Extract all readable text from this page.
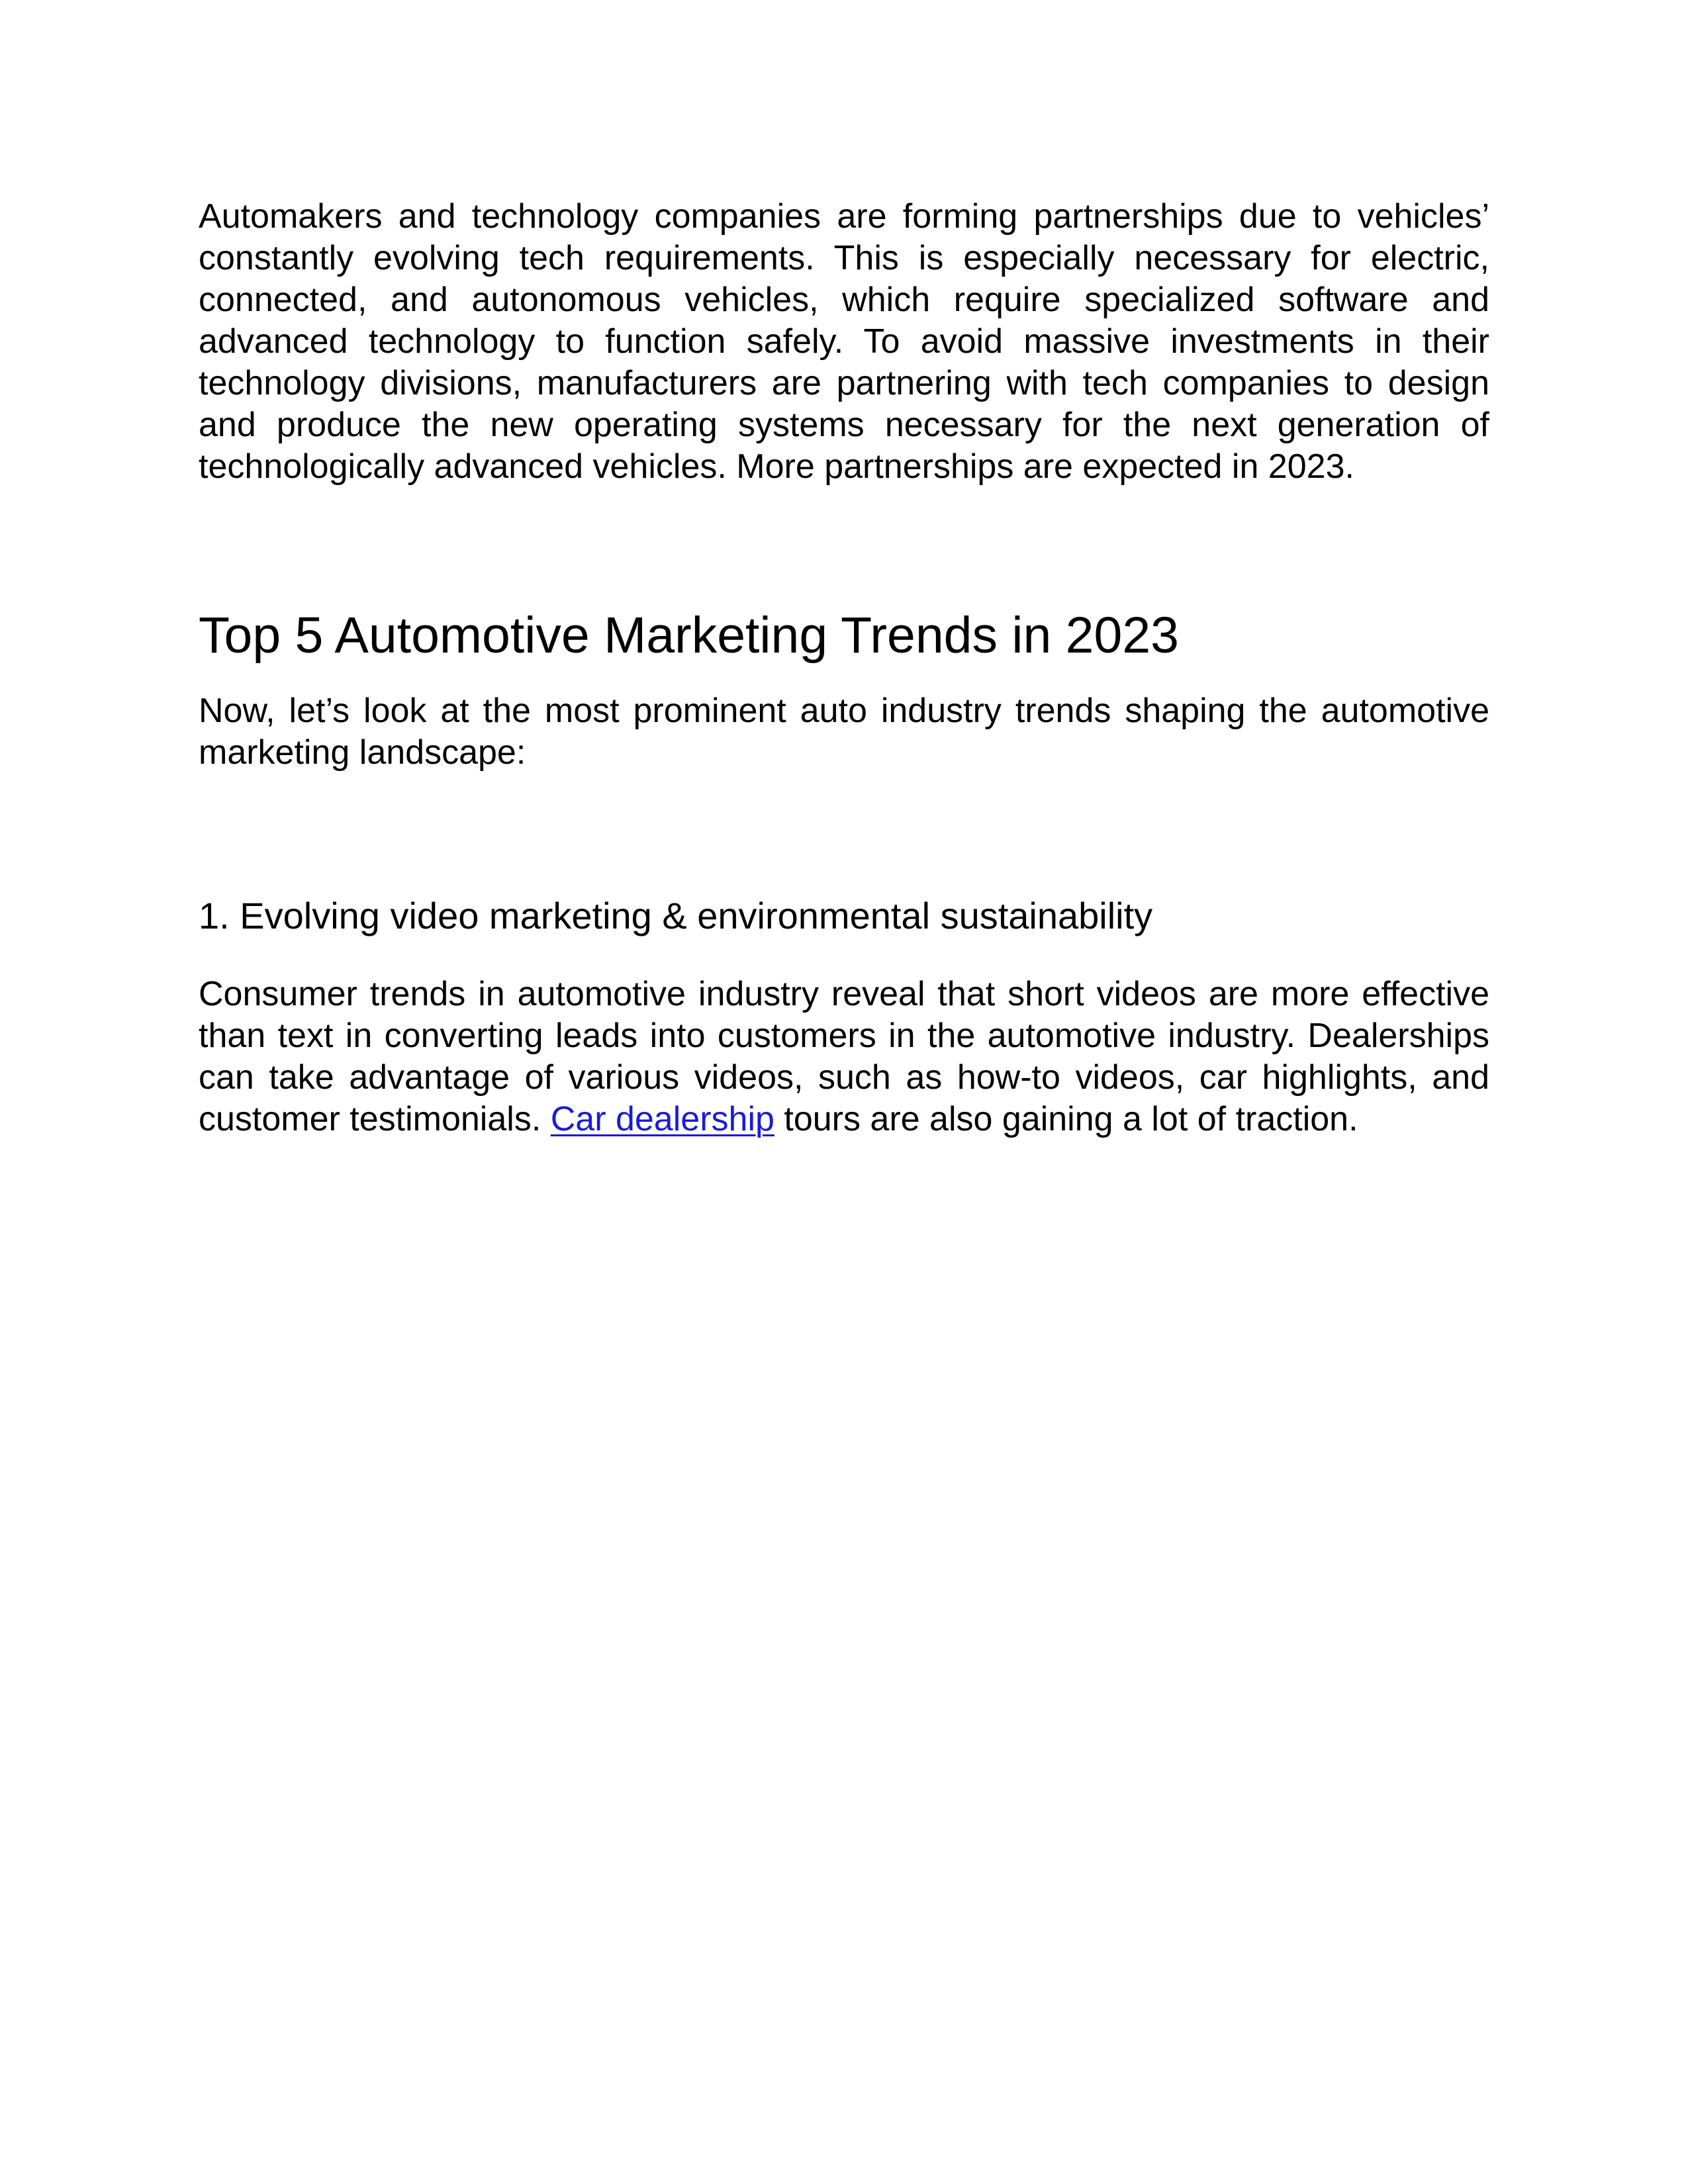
Automakers and technology companies are forming partnerships due to vehicles’ constantly evolving tech requirements. This is especially necessary for electric, connected, and autonomous vehicles, which require specialized software and advanced technology to function safely. To avoid massive investments in their technology divisions, manufacturers are partnering with tech companies to design and produce the new operating systems necessary for the next generation of technologically advanced vehicles. More partnerships are expected in 2023.

Top 5 Automotive Marketing Trends in 2023

Now, let’s look at the most prominent auto industry trends shaping the automotive marketing landscape:

1. Evolving video marketing & environmental sustainability

Consumer trends in automotive industry reveal that short videos are more effective than text in converting leads into customers in the automotive industry. Dealerships can take advantage of various videos, such as how-to videos, car highlights, and customer testimonials. Car dealership tours are also gaining a lot of traction.
